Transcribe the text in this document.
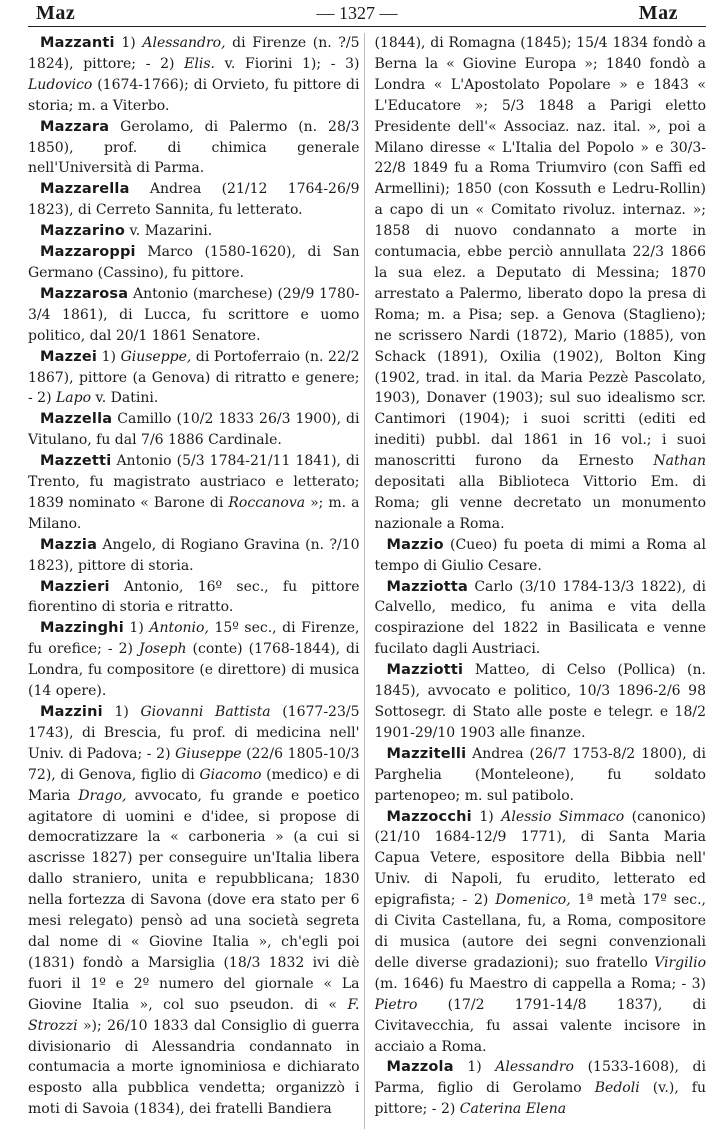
Maz	— 1327 —	Maz

Mazzanti 1) Alessandro, di Firenze (n. ?/5 1824), pittore; - 2) Elis. v. Fiorini 1); - 3) Ludovico (1674-1766); di Orvieto, fu pittore di storia; m. a Viterbo.

Mazzara Gerolamo, di Palermo (n. 28/3 1850), prof. di chimica generale nell'Università di Parma.

Mazzarella Andrea (21/12 1764-26/9 1823), di Cerreto Sannita, fu letterato.

Mazzarino v. Mazarini.

Mazzaroppi Marco (1580-1620), di San Germano (Cassino), fu pittore.

Mazzarosa Antonio (marchese) (29/9 1780-3/4 1861), di Lucca, fu scrittore e uomo politico, dal 20/1 1861 Senatore.

Mazzei 1) Giuseppe, di Portoferraio (n. 22/2 1867), pittore (a Genova) di ritratto e genere; - 2) Lapo v. Datini.

Mazzella Camillo (10/2 1833 26/3 1900), di Vitulano, fu dal 7/6 1886 Cardinale.

Mazzetti Antonio (5/3 1784-21/11 1841), di Trento, fu magistrato austriaco e letterato; 1839 nominato « Barone di Roccanova »; m. a Milano.

Mazzia Angelo, di Rogiano Gravina (n. ?/10 1823), pittore di storia.

Mazzieri Antonio, 16º sec., fu pittore fiorentino di storia e ritratto.

Mazzinghi 1) Antonio, 15º sec., di Firenze, fu orefice; - 2) Joseph (conte) (1768-1844), di Londra, fu compositore (e direttore) di musica (14 opere).

Mazzini 1) Giovanni Battista (1677-23/5 1743), di Brescia, fu prof. di medicina nell' Univ. di Padova; - 2) Giuseppe (22/6 1805-10/3 72), di Genova, figlio di Giacomo (medico) e di Maria Drago, avvocato, fu grande e poetico agitatore di uomini e d'idee, si propose di democratizzare la « carboneria » (a cui si ascrisse 1827) per conseguire un'Italia libera dallo straniero, unita e repubblicana; 1830 nella fortezza di Savona (dove era stato per 6 mesi relegato) pensò ad una società segreta dal nome di « Giovine Italia », ch'egli poi (1831) fondò a Marsiglia (18/3 1832 ivi diè fuori il 1º e 2º numero del giornale « La Giovine Italia », col suo pseudon. di « F. Strozzi »); 26/10 1833 dal Consiglio di guerra divisionario di Alessandria condannato in contumacia a morte ignominiosa e dichiarato esposto alla pubblica vendetta; organizzò i moti di Savoia (1834), dei fratelli Bandiera

(1844), di Romagna (1845); 15/4 1834 fondò a Berna la « Giovine Europa »; 1840 fondò a Londra « L'Apostolato Popolare » e 1843 « L'Educatore »; 5/3 1848 a Parigi eletto Presidente dell'« Associaz. naz. ital. », poi a Milano diresse « L'Italia del Popolo » e 30/3-22/8 1849 fu a Roma Triumviro (con Saffi ed Armellini); 1850 (con Kossuth e Ledru-Rollin) a capo di un « Comitato rivoluz. internaz. »; 1858 di nuovo condannato a morte in contumacia, ebbe perciò annullata 22/3 1866 la sua elez. a Deputato di Messina; 1870 arrestato a Palermo, liberato dopo la presa di Roma; m. a Pisa; sep. a Genova (Staglieno); ne scrissero Nardi (1872), Mario (1885), von Schack (1891), Oxilia (1902), Bolton King (1902, trad. in ital. da Maria Pezzè Pascolato, 1903), Donaver (1903); sul suo idealismo scr. Cantimori (1904); i suoi scritti (editi ed inediti) pubbl. dal 1861 in 16 vol.; i suoi manoscritti furono da Ernesto Nathan depositati alla Biblioteca Vittorio Em. di Roma; gli venne decretato un monumento nazionale a Roma.

Mazzio (Cueo) fu poeta di mimi a Roma al tempo di Giulio Cesare.

Mazziotta Carlo (3/10 1784-13/3 1822), di Calvello, medico, fu anima e vita della cospirazione del 1822 in Basilicata e venne fucilato dagli Austriaci.

Mazziotti Matteo, di Celso (Pollica) (n. 1845), avvocato e politico, 10/3 1896-2/6 98 Sottosegr. di Stato alle poste e telegr. e 18/2 1901-29/10 1903 alle finanze.

Mazzitelli Andrea (26/7 1753-8/2 1800), di Parghelia (Monteleone), fu soldato partenopeo; m. sul patibolo.

Mazzocchi 1) Alessio Simmaco (canonico) (21/10 1684-12/9 1771), di Santa Maria Capua Vetere, espositore della Bibbia nell' Univ. di Napoli, fu erudito, letterato ed epigrafista; - 2) Domenico, 1ª metà 17º sec., di Civita Castellana, fu, a Roma, compositore di musica (autore dei segni convenzionali delle diverse gradazioni); suo fratello Virgilio (m. 1646) fu Maestro di cappella a Roma; - 3) Pietro (17/2 1791-14/8 1837), di Civitavecchia, fu assai valente incisore in acciaio a Roma.

Mazzola 1) Alessandro (1533-1608), di Parma, figlio di Gerolamo Bedoli (v.), fu pittore; - 2) Caterina Elena
